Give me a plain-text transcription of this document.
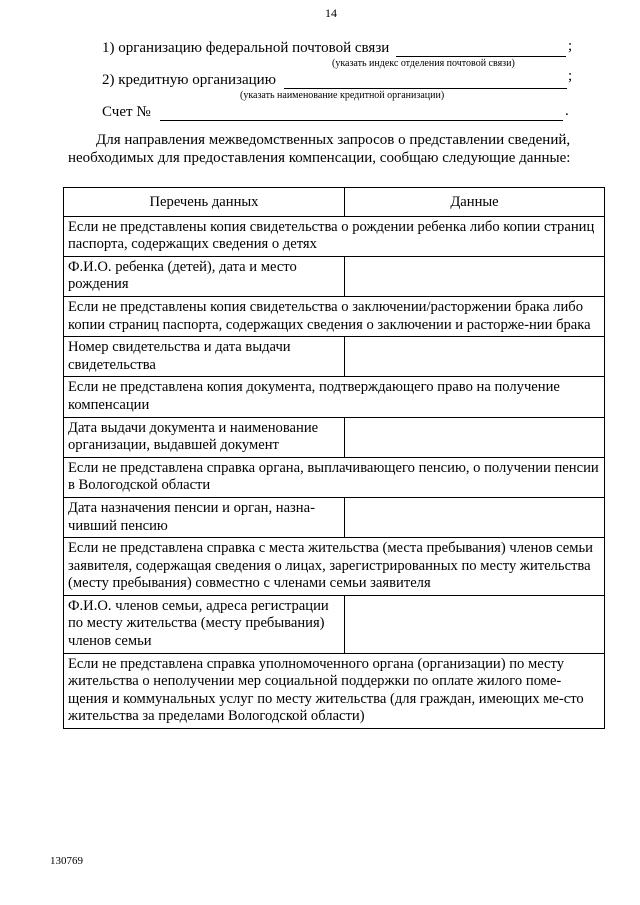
14
1) организацию федеральной почтовой связи	;
(указать индекс отделения почтовой связи)
2) кредитную организацию	;
(указать наименование кредитной организации)
Счет №	.

Для направления межведомственных запросов о представлении сведений,

необходимых для предоставления компенсации, сообщаю следующие данные:

Перечень данных	Данные
Если не представлены копия свидетельства о рождении ребенка либо копии страниц паспорта, содержащих сведения о детях	
Ф.И.О. ребенка (детей), дата и место рождения	
Если не представлены копия свидетельства о заключении/расторжении брака либо копии страниц паспорта, содержащих сведения о заключении и расторже-нии брака	
Номер свидетельства и дата выдачи свидетельства	
Если не представлена копия документа, подтверждающего право на получение компенсации	
Дата выдачи документа и наименование организации, выдавшей документ	
Если не представлена справка органа, выплачивающего пенсию, о получении пенсии в Вологодской области	
Дата назначения пенсии и орган, назна-чивший пенсию	
Если не представлена справка с места жительства (места пребывания) членов семьи заявителя, содержащая сведения о лицах, зарегистрированных по месту жительства (месту пребывания) совместно с членами семьи заявителя	
Ф.И.О. членов семьи, адреса регистрации по месту жительства (месту пребывания) членов семьи	
Если не представлена справка уполномоченного органа (организации) по месту жительства о неполучении мер социальной поддержки по оплате жилого поме-щения и коммунальных услуг по месту жительства (для граждан, имеющих ме-сто жительства за пределами Вологодской области)	
130769
